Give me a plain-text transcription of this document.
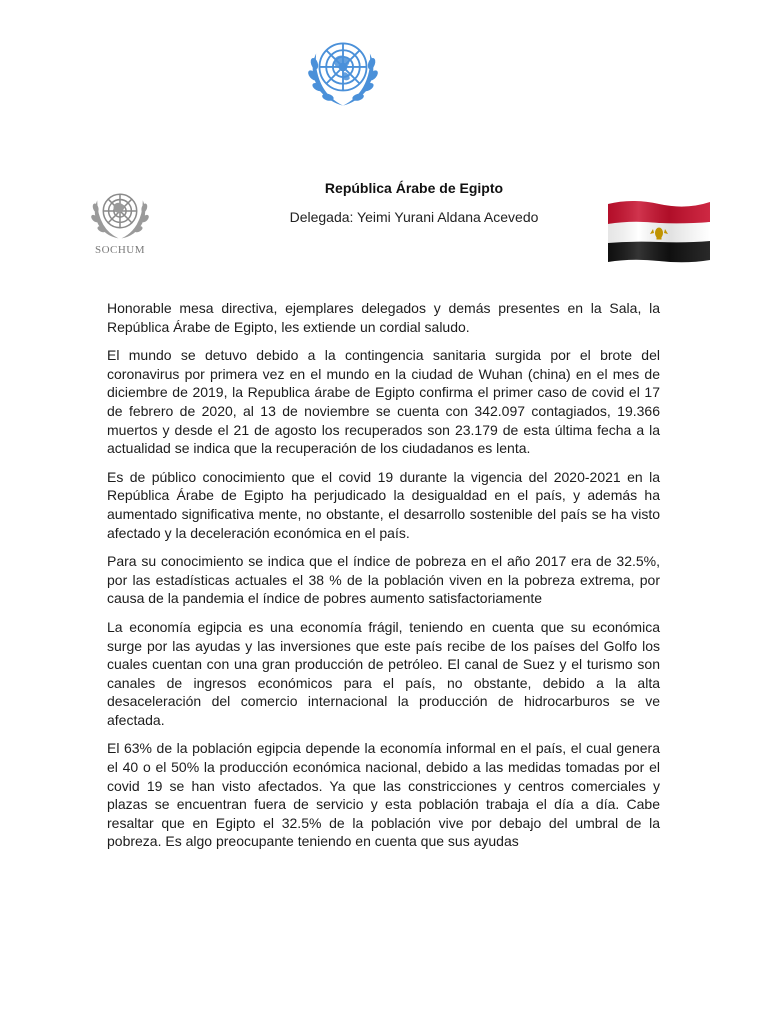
SOCHUM
República Árabe de Egipto
Delegada: Yeimi Yurani Aldana Acevedo

Honorable mesa directiva, ejemplares delegados y demás presentes en la Sala, la República Árabe de Egipto, les extiende un cordial saludo.

El mundo se detuvo debido a la contingencia sanitaria surgida por el brote del coronavirus por primera vez en el mundo en la ciudad de Wuhan (china) en el mes de diciembre de 2019, la Republica árabe de Egipto confirma el primer caso de covid el 17 de febrero de 2020, al 13 de noviembre se cuenta con 342.097 contagiados, 19.366 muertos y desde el 21 de agosto los recuperados son 23.179 de esta última fecha a la actualidad se indica que la recuperación de los ciudadanos es lenta.

Es de público conocimiento que el covid 19 durante la vigencia del 2020-2021 en la República Árabe de Egipto ha perjudicado la desigualdad en el país, y además ha aumentado significativa mente, no obstante, el desarrollo sostenible del país se ha visto afectado y la deceleración económica en el país.

Para su conocimiento se indica que el índice de pobreza en el año 2017 era de 32.5%, por las estadísticas actuales el 38 % de la población viven en la pobreza extrema, por causa de la pandemia el índice de pobres aumento satisfactoriamente

La economía egipcia es una economía frágil, teniendo en cuenta que su económica surge por las ayudas y las inversiones que este país recibe de los países del Golfo los cuales cuentan con una gran producción de petróleo. El canal de Suez y el turismo son canales de ingresos económicos para el país, no obstante, debido a la alta desaceleración del comercio internacional la producción de hidrocarburos se ve afectada.

El 63% de la población egipcia depende la economía informal en el país, el cual genera el 40 o el 50% la producción económica nacional, debido a las medidas tomadas por el covid 19 se han visto afectados. Ya que las constricciones y centros comerciales y plazas se encuentran fuera de servicio y esta población trabaja el día a día. Cabe resaltar que en Egipto el 32.5% de la población vive por debajo del umbral de la pobreza. Es algo preocupante teniendo en cuenta que sus ayudas
